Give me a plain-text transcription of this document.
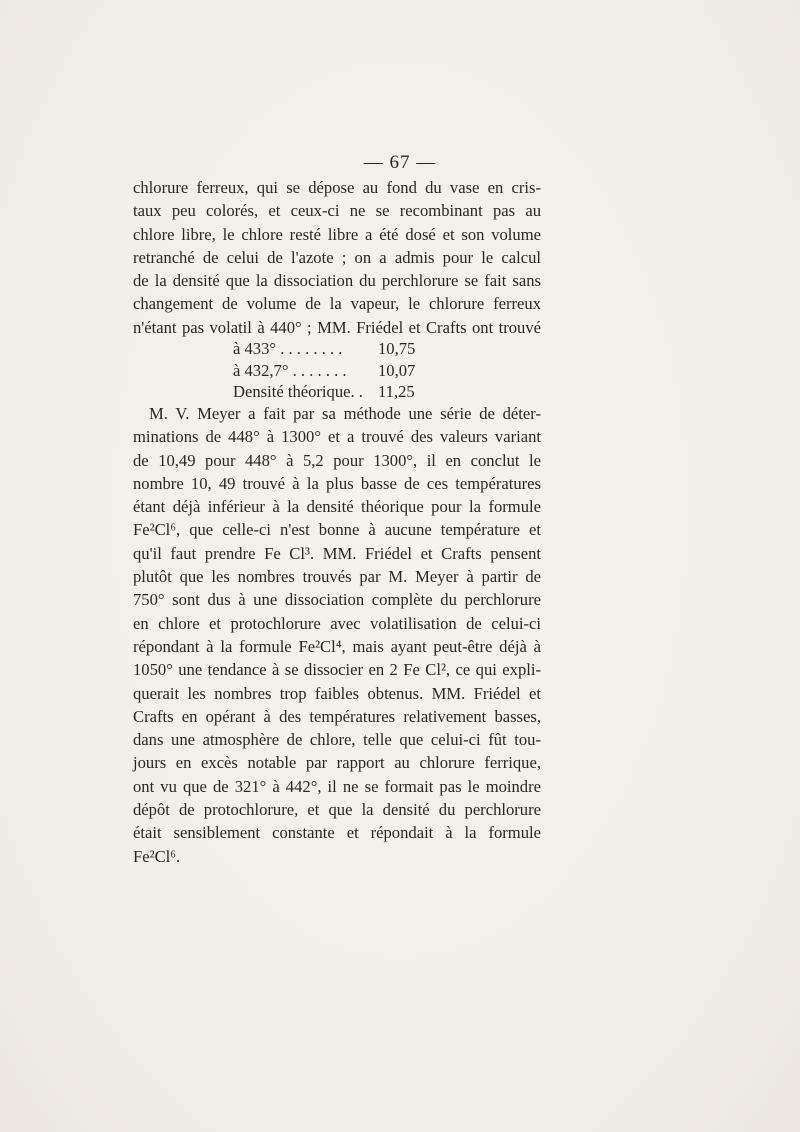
— 67 —
chlorure ferreux, qui se dépose au fond du vase en cris-
taux peu colorés, et ceux-ci ne se recombinant pas au
chlore libre, le chlore resté libre a été dosé et son volume
retranché de celui de l'azote ; on a admis pour le calcul
de la densité que la dissociation du perchlorure se fait sans
changement de volume de la vapeur, le chlorure ferreux
n'étant pas volatil à 440° ; MM. Friédel et Crafts ont trouvé
à 433° . . . . . . . .	10,75
à 432,7° . . . . . . .	10,07
Densité théorique. . 11,25
M. V. Meyer a fait par sa méthode une série de déter-
minations de 448° à 1300° et a trouvé des valeurs variant
de 10,49 pour 448° à 5,2 pour 1300°, il en conclut le
nombre 10, 49 trouvé à la plus basse de ces températures
étant déjà inférieur à la densité théorique pour la formule
Fe²Cl⁶, que celle-ci n'est bonne à aucune température et
qu'il faut prendre Fe Cl³. MM. Friédel et Crafts pensent
plutôt que les nombres trouvés par M. Meyer à partir de
750° sont dus à une dissociation complète du perchlorure
en chlore et protochlorure avec volatilisation de celui-ci
répondant à la formule Fe²Cl⁴, mais ayant peut-être déjà à
1050° une tendance à se dissocier en 2 Fe Cl², ce qui expli-
querait les nombres trop faibles obtenus. MM. Friédel et
Crafts en opérant à des températures relativement basses,
dans une atmosphère de chlore, telle que celui-ci fût tou-
jours en excès notable par rapport au chlorure ferrique,
ont vu que de 321° à 442°, il ne se formait pas le moindre
dépôt de protochlorure, et que la densité du perchlorure
était sensiblement constante et répondait à la formule
Fe²Cl⁶.
